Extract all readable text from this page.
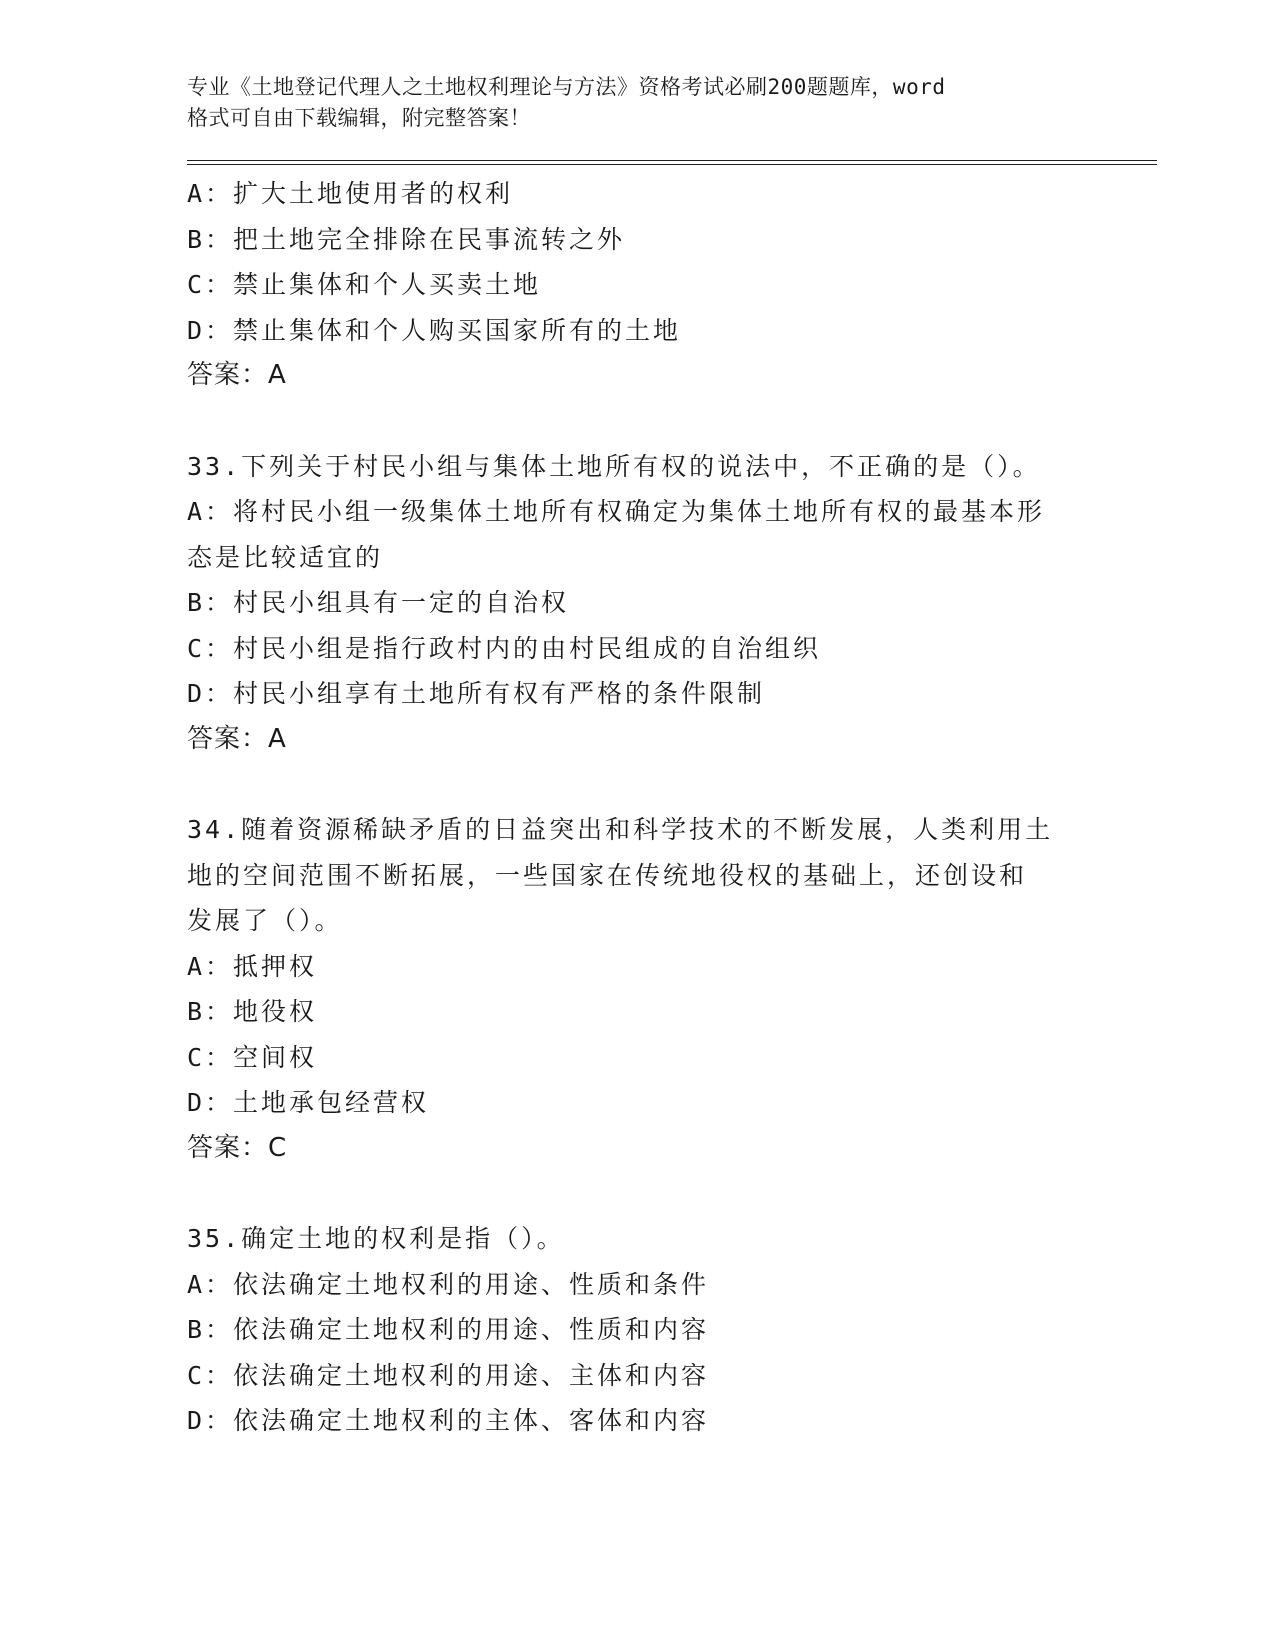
专业《土地登记代理人之土地权利理论与方法》资格考试必刷200题题库，word
格式可自由下载编辑，附完整答案！
A：扩大土地使用者的权利
B：把土地完全排除在民事流转之外
C：禁止集体和个人买卖土地
D：禁止集体和个人购买国家所有的土地
答案：A
33.下列关于村民小组与集体土地所有权的说法中，不正确的是（）。
A：将村民小组一级集体土地所有权确定为集体土地所有权的最基本形
态是比较适宜的
B：村民小组具有一定的自治权
C：村民小组是指行政村内的由村民组成的自治组织
D：村民小组享有土地所有权有严格的条件限制
答案：A
34.随着资源稀缺矛盾的日益突出和科学技术的不断发展，人类利用土
地的空间范围不断拓展，一些国家在传统地役权的基础上，还创设和
发展了（）。
A：抵押权
B：地役权
C：空间权
D：土地承包经营权
答案：C
35.确定土地的权利是指（）。
A：依法确定土地权利的用途、性质和条件
B：依法确定土地权利的用途、性质和内容
C：依法确定土地权利的用途、主体和内容
D：依法确定土地权利的主体、客体和内容
